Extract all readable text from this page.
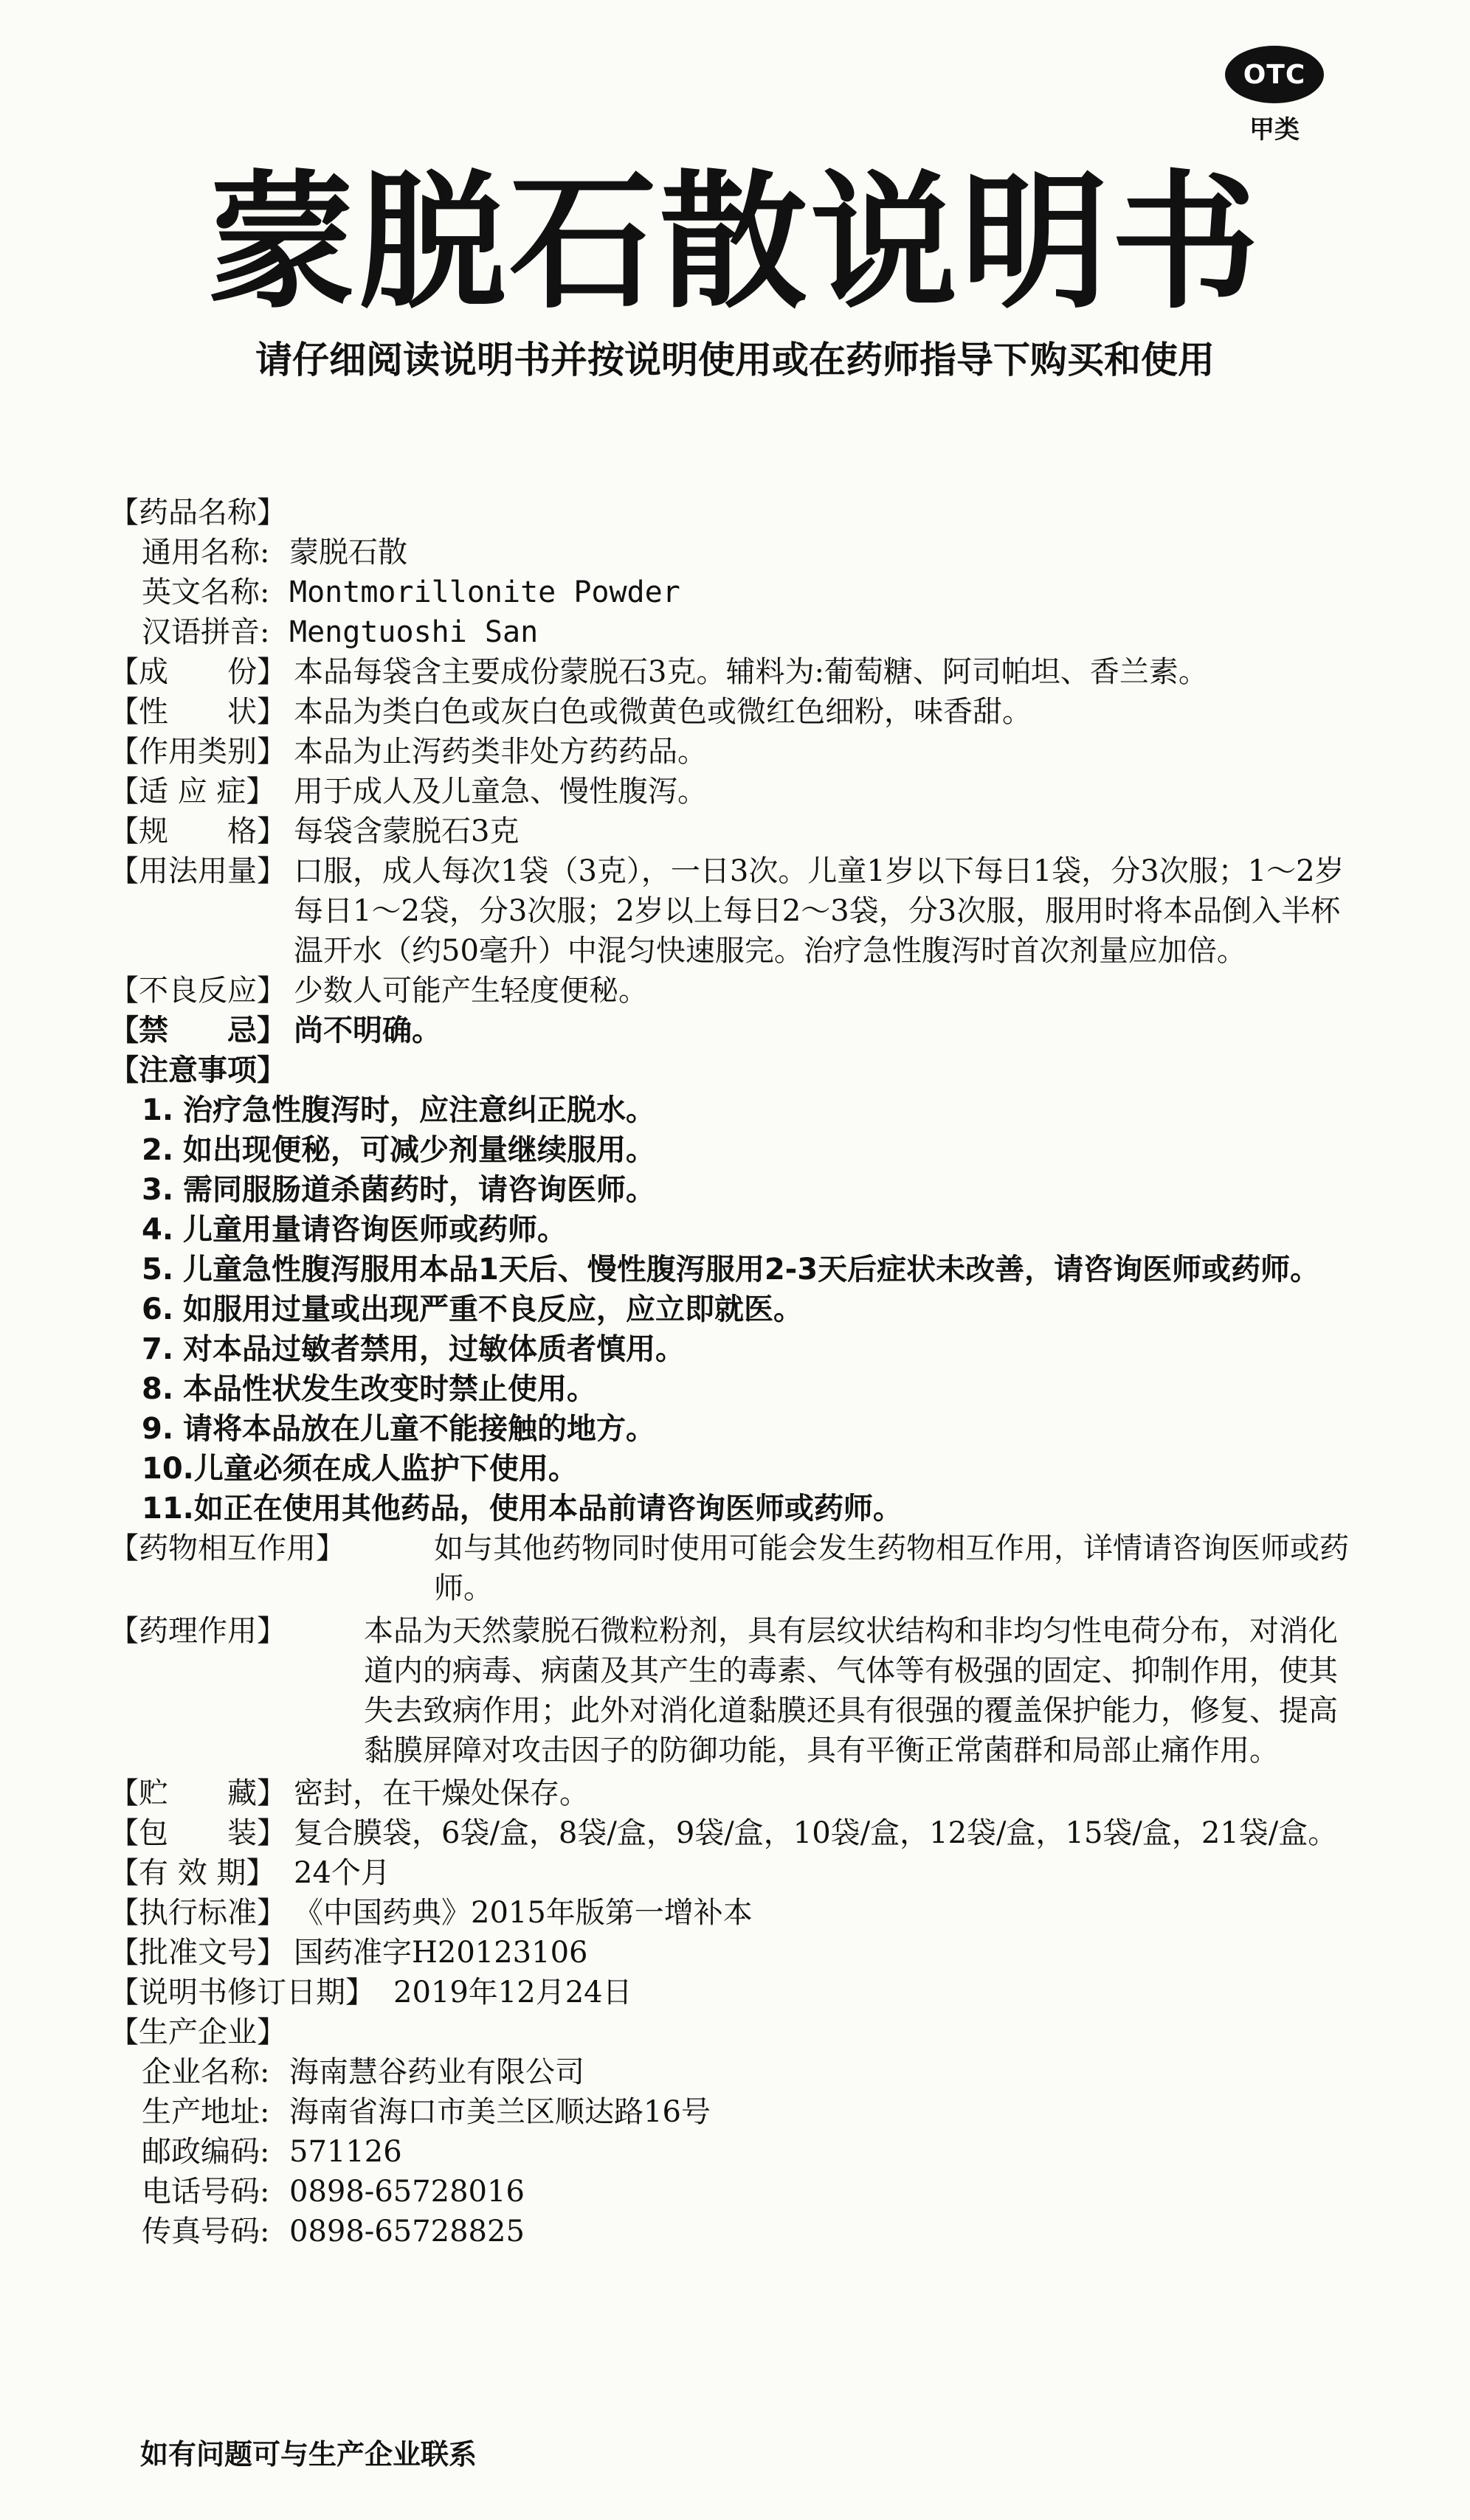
OTC
甲类
蒙脱石散说明书
请仔细阅读说明书并按说明使用或在药师指导下购买和使用
【药品名称】

通用名称: 蒙脱石散
英文名称: Montmorillonite Powder
汉语拼音: Mengtuoshi San
【成　　份】 本品每袋含主要成份蒙脱石3克。辅料为:葡萄糖、阿司帕坦、香兰素。
【性　　状】 本品为类白色或灰白色或微黄色或微红色细粉，味香甜。
【作用类别】 本品为止泻药类非处方药药品。
【适 应 症】 用于成人及儿童急、慢性腹泻。
【规　　格】 每袋含蒙脱石3克
【用法用量】 口服，成人每次1袋（3克），一日3次。儿童1岁以下每日1袋，分3次服；1～2岁每日1～2袋，分3次服；2岁以上每日2～3袋，分3次服，服用时将本品倒入半杯温开水（约50毫升）中混匀快速服完。治疗急性腹泻时首次剂量应加倍。
【不良反应】 少数人可能产生轻度便秘。
【禁　　忌】 尚不明确。
【注意事项】

1. 治疗急性腹泻时，应注意纠正脱水。
2. 如出现便秘，可减少剂量继续服用。
3. 需同服肠道杀菌药时，请咨询医师。
4. 儿童用量请咨询医师或药师。
5. 儿童急性腹泻服用本品1天后、慢性腹泻服用2-3天后症状未改善，请咨询医师或药师。
6. 如服用过量或出现严重不良反应，应立即就医。
7. 对本品过敏者禁用，过敏体质者慎用。
8. 本品性状发生改变时禁止使用。
9. 请将本品放在儿童不能接触的地方。
10. 儿童必须在成人监护下使用。
11. 如正在使用其他药品，使用本品前请咨询医师或药师。
【药物相互作用】	如与其他药物同时使用可能会发生药物相互作用，详情请咨询医师或药师。
【药理作用】	本品为天然蒙脱石微粒粉剂，具有层纹状结构和非均匀性电荷分布，对消化道内的病毒、病菌及其产生的毒素、气体等有极强的固定、抑制作用，使其失去致病作用；此外对消化道黏膜还具有很强的覆盖保护能力，修复、提高黏膜屏障对攻击因子的防御功能，具有平衡正常菌群和局部止痛作用。
【贮　　藏】 密封，在干燥处保存。
【包　　装】 复合膜袋，6袋/盒，8袋/盒，9袋/盒，10袋/盒，12袋/盒，15袋/盒，21袋/盒。
【有 效 期】 24个月
【执行标准】 《中国药典》2015年版第一增补本
【批准文号】 国药准字H20123106
【说明书修订日期】 2019年12月24日
【生产企业】

企业名称: 海南慧谷药业有限公司
生产地址: 海南省海口市美兰区顺达路16号
邮政编码: 571126
电话号码: 0898-65728016
传真号码: 0898-65728825
如有问题可与生产企业联系
